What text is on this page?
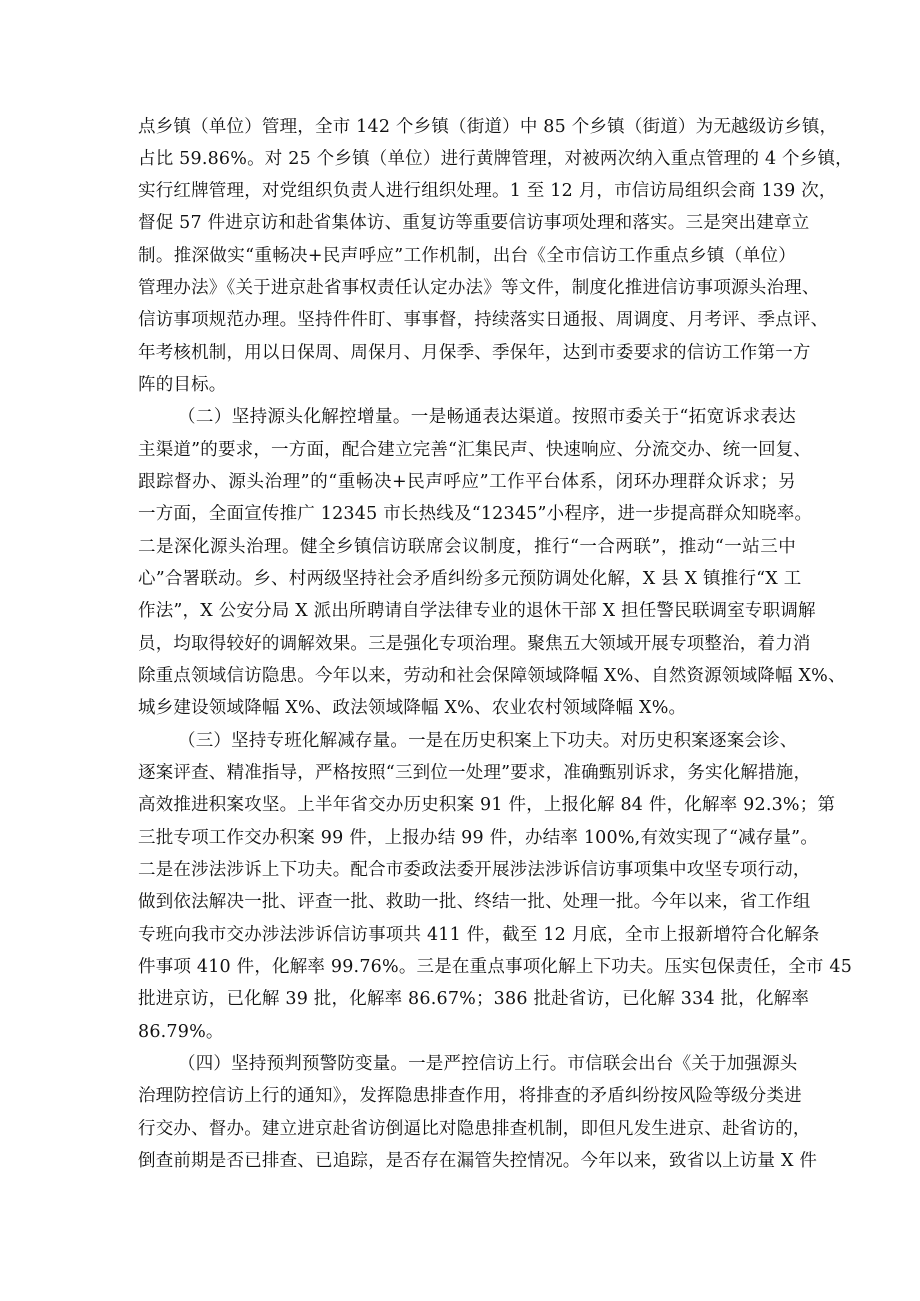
点乡镇（单位）管理，全市 142 个乡镇（街道）中 85 个乡镇（街道）为无越级访乡镇，
占比 59.86%。对 25 个乡镇（单位）进行黄牌管理，对被两次纳入重点管理的 4 个乡镇，
实行红牌管理，对党组织负责人进行组织处理。1 至 12 月，市信访局组织会商 139 次，
督促 57 件进京访和赴省集体访、重复访等重要信访事项处理和落实。三是突出建章立
制。推深做实“重畅决+民声呼应”工作机制，出台《全市信访工作重点乡镇（单位）
管理办法》《关于进京赴省事权责任认定办法》等文件，制度化推进信访事项源头治理、
信访事项规范办理。坚持件件盯、事事督，持续落实日通报、周调度、月考评、季点评、
年考核机制，用以日保周、周保月、月保季、季保年，达到市委要求的信访工作第一方
阵的目标。
（二）坚持源头化解控增量。一是畅通表达渠道。按照市委关于“拓宽诉求表达
主渠道”的要求，一方面，配合建立完善“汇集民声、快速响应、分流交办、统一回复、
跟踪督办、源头治理”的“重畅决+民声呼应”工作平台体系，闭环办理群众诉求；另
一方面，全面宣传推广 12345 市长热线及“12345”小程序，进一步提高群众知晓率。
二是深化源头治理。健全乡镇信访联席会议制度，推行“一合两联”，推动“一站三中
心”合署联动。乡、村两级坚持社会矛盾纠纷多元预防调处化解，X 县 X 镇推行“X 工
作法”，X 公安分局 X 派出所聘请自学法律专业的退休干部 X 担任警民联调室专职调解
员，均取得较好的调解效果。三是强化专项治理。聚焦五大领域开展专项整治，着力消
除重点领域信访隐患。今年以来，劳动和社会保障领域降幅 X%、自然资源领域降幅 X%、
城乡建设领域降幅 X%、政法领域降幅 X%、农业农村领域降幅 X%。
（三）坚持专班化解减存量。一是在历史积案上下功夫。对历史积案逐案会诊、
逐案评查、精准指导，严格按照“三到位一处理”要求，准确甄别诉求，务实化解措施，
高效推进积案攻坚。上半年省交办历史积案 91 件，上报化解 84 件，化解率 92.3%；第
三批专项工作交办积案 99 件，上报办结 99 件，办结率 100%,有效实现了“减存量”。
二是在涉法涉诉上下功夫。配合市委政法委开展涉法涉诉信访事项集中攻坚专项行动，
做到依法解决一批、评查一批、救助一批、终结一批、处理一批。今年以来，省工作组
专班向我市交办涉法涉诉信访事项共 411 件，截至 12 月底，全市上报新增符合化解条
件事项 410 件，化解率 99.76%。三是在重点事项化解上下功夫。压实包保责任，全市 45
批进京访，已化解 39 批，化解率 86.67%；386 批赴省访，已化解 334 批，化解率
86.79%。
（四）坚持预判预警防变量。一是严控信访上行。市信联会出台《关于加强源头
治理防控信访上行的通知》，发挥隐患排查作用，将排查的矛盾纠纷按风险等级分类进
行交办、督办。建立进京赴省访倒逼比对隐患排查机制，即但凡发生进京、赴省访的，
倒查前期是否已排查、已追踪，是否存在漏管失控情况。今年以来，致省以上访量 X 件
